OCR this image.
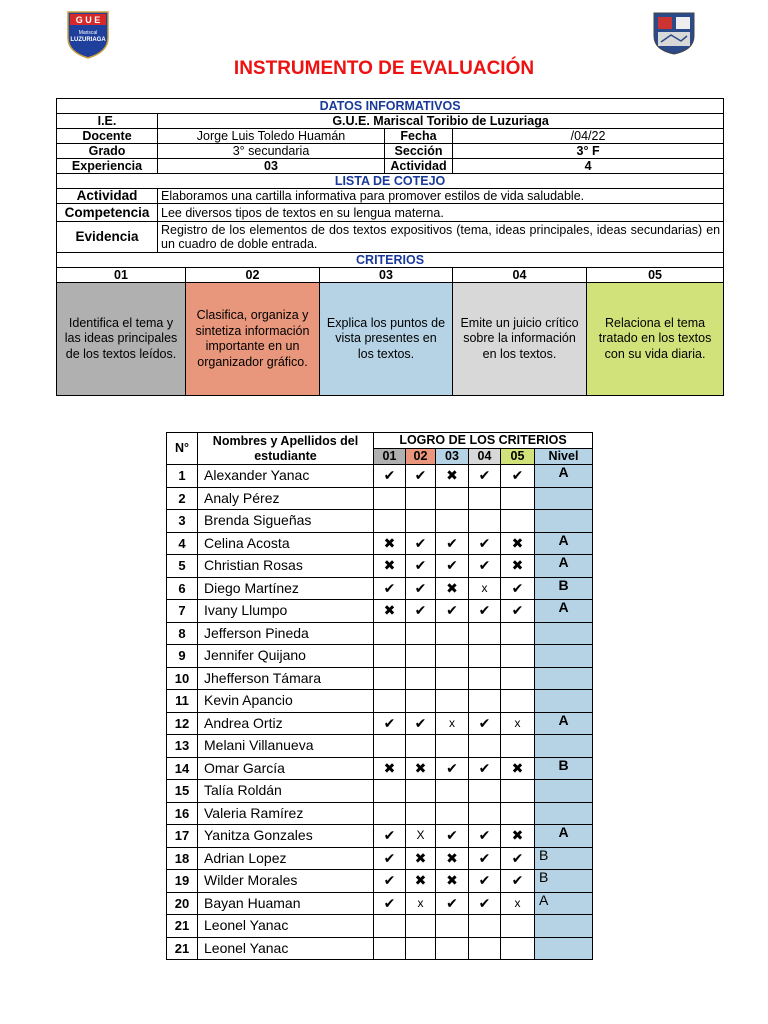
G U E
Mariscal
LUZURIAGA
INSTRUMENTO DE EVALUACIÓN
DATOS INFORMATIVOS						
I.E.	G.U.E. Mariscal Toribio de Luzuriaga					
Docente	Jorge Luis Toledo Huamán			Fecha	/04/22	
Grado	3° secundaria			Sección	3° F	
Experiencia	03			Actividad	4	
LISTA DE COTEJO						
Actividad	Elaboramos una cartilla informativa para promover estilos de vida saludable.					
Competencia	Lee diversos tipos de textos en su lengua materna.					
Evidencia	Registro de los elementos de dos textos expositivos (tema, ideas principales, ideas secundarias) en un cuadro de doble entrada.					
CRITERIOS						
01		02	03		04	05
Identifica el tema y las ideas principales de los textos leídos.		Clasifica, organiza y sintetiza información importante en un organizador gráfico.	Explica los puntos de vista presentes en los textos.		Emite un juicio crítico sobre la información en los textos.	Relaciona el tema tratado en los textos con su vida diaria.
N°	Nombres y Apellidos del estudiante	LOGRO DE LOS CRITERIOS					
		01	02	03	04	05	Nivel
1	Alexander Yanac	✔	✔	✖	✔	✔	A
2	Analy Pérez						
3	Brenda Sigueñas						
4	Celina Acosta	✖	✔	✔	✔	✖	A
5	Christian Rosas	✖	✔	✔	✔	✖	A
6	Diego Martínez	✔	✔	✖	x	✔	B
7	Ivany Llumpo	✖	✔	✔	✔	✔	A
8	Jefferson Pineda						
9	Jennifer Quijano						
10	Jhefferson Támara						
11	Kevin Apancio						
12	Andrea Ortiz	✔	✔	x	✔	x	A
13	Melani Villanueva						
14	Omar García	✖	✖	✔	✔	✖	B
15	Talía Roldán						
16	Valeria Ramírez						
17	Yanitza Gonzales	✔	X	✔	✔	✖	A
18	Adrian Lopez	✔	✖	✖	✔	✔	B
19	Wilder Morales	✔	✖	✖	✔	✔	B
20	Bayan Huaman	✔	x	✔	✔	x	A
21	Leonel Yanac						
21	Leonel Yanac						
